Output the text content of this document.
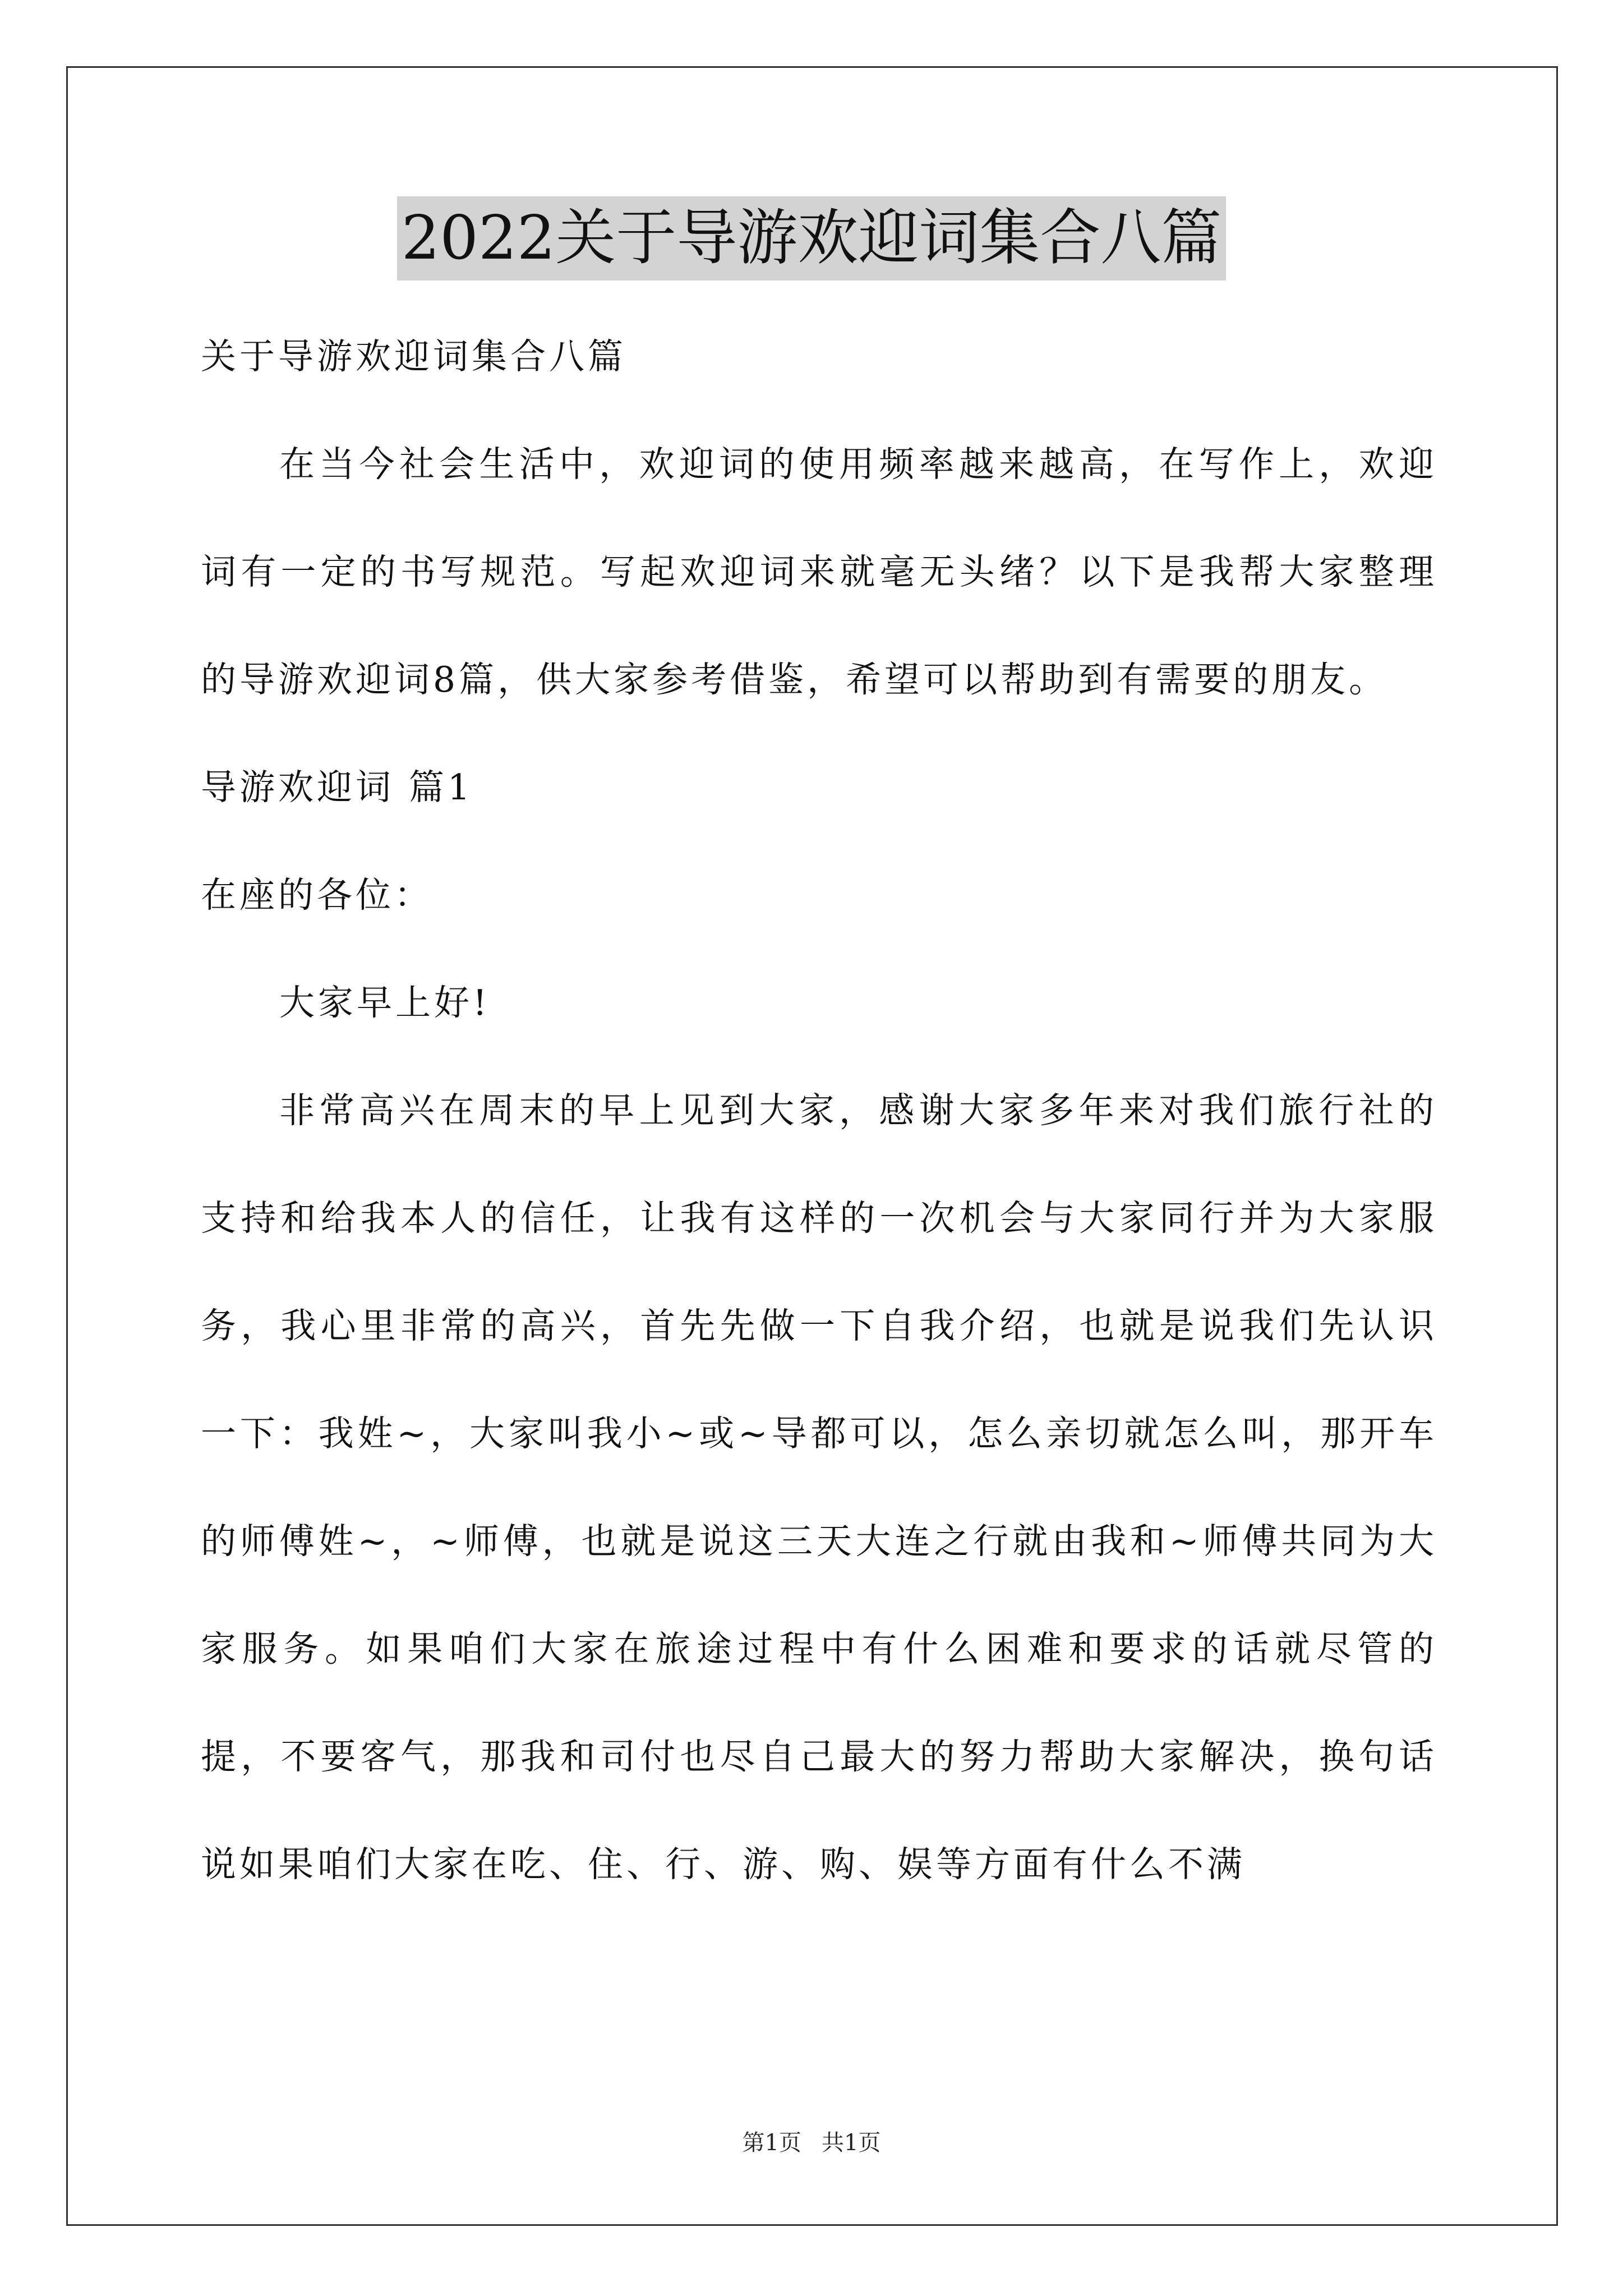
2022关于导游欢迎词集合八篇

关于导游欢迎词集合八篇

在当今社会生活中，欢迎词的使用频率越来越高，在写作上，欢迎词有一定的书写规范。写起欢迎词来就毫无头绪？以下是我帮大家整理的导游欢迎词8篇，供大家参考借鉴，希望可以帮助到有需要的朋友。

导游欢迎词 篇1

在座的各位：

大家早上好!

非常高兴在周末的早上见到大家，感谢大家多年来对我们旅行社的支持和给我本人的信任，让我有这样的一次机会与大家同行并为大家服务，我心里非常的高兴，首先先做一下自我介绍，也就是说我们先认识一下：我姓~，大家叫我小~或~导都可以，怎么亲切就怎么叫，那开车的师傅姓~，~师傅，也就是说这三天大连之行就由我和~师傅共同为大家服务。如果咱们大家在旅途过程中有什么困难和要求的话就尽管的提，不要客气，那我和司付也尽自己最大的努力帮助大家解决，换句话说如果咱们大家在吃、住、行、游、购、娱等方面有什么不满

第1页 共1页
